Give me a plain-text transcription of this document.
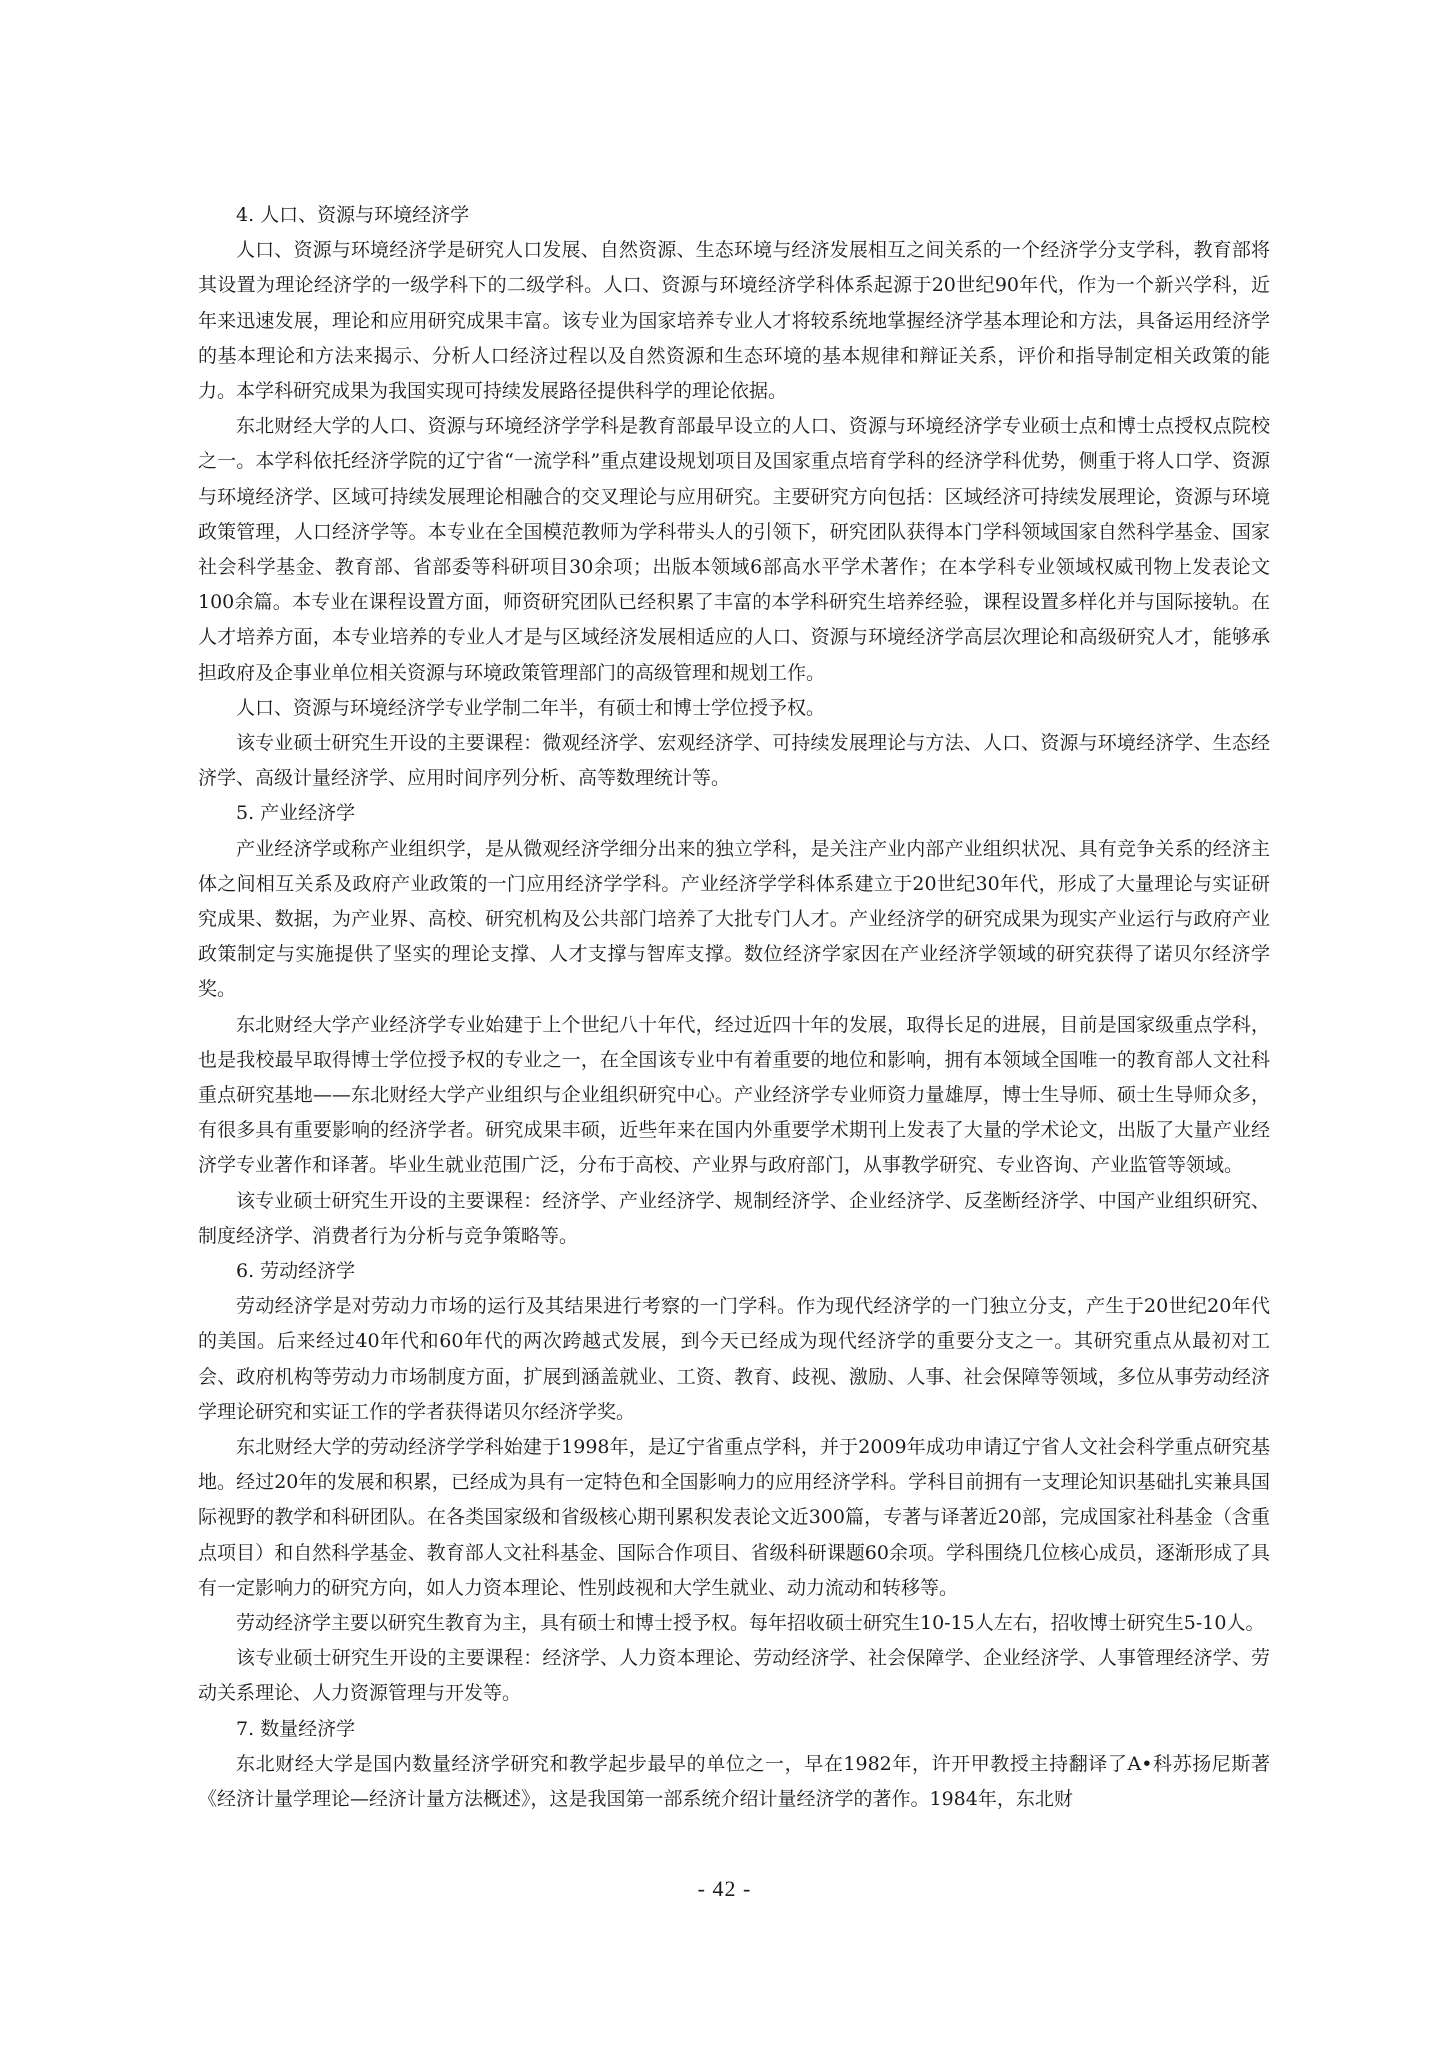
4. 人口、资源与环境经济学

人口、资源与环境经济学是研究人口发展、自然资源、生态环境与经济发展相互之间关系的一个经济学分支学科，教育部将其设置为理论经济学的一级学科下的二级学科。人口、资源与环境经济学科体系起源于20世纪90年代，作为一个新兴学科，近年来迅速发展，理论和应用研究成果丰富。该专业为国家培养专业人才将较系统地掌握经济学基本理论和方法，具备运用经济学的基本理论和方法来揭示、分析人口经济过程以及自然资源和生态环境的基本规律和辩证关系，评价和指导制定相关政策的能力。本学科研究成果为我国实现可持续发展路径提供科学的理论依据。

东北财经大学的人口、资源与环境经济学学科是教育部最早设立的人口、资源与环境经济学专业硕士点和博士点授权点院校之一。本学科依托经济学院的辽宁省“一流学科”重点建设规划项目及国家重点培育学科的经济学科优势，侧重于将人口学、资源与环境经济学、区域可持续发展理论相融合的交叉理论与应用研究。主要研究方向包括：区域经济可持续发展理论，资源与环境政策管理，人口经济学等。本专业在全国模范教师为学科带头人的引领下，研究团队获得本门学科领域国家自然科学基金、国家社会科学基金、教育部、省部委等科研项目30余项；出版本领域6部高水平学术著作；在本学科专业领域权威刊物上发表论文100余篇。本专业在课程设置方面，师资研究团队已经积累了丰富的本学科研究生培养经验，课程设置多样化并与国际接轨。在人才培养方面，本专业培养的专业人才是与区域经济发展相适应的人口、资源与环境经济学高层次理论和高级研究人才，能够承担政府及企事业单位相关资源与环境政策管理部门的高级管理和规划工作。

人口、资源与环境经济学专业学制二年半，有硕士和博士学位授予权。

该专业硕士研究生开设的主要课程：微观经济学、宏观经济学、可持续发展理论与方法、人口、资源与环境经济学、生态经济学、高级计量经济学、应用时间序列分析、高等数理统计等。

5. 产业经济学

产业经济学或称产业组织学，是从微观经济学细分出来的独立学科，是关注产业内部产业组织状况、具有竞争关系的经济主体之间相互关系及政府产业政策的一门应用经济学学科。产业经济学学科体系建立于20世纪30年代，形成了大量理论与实证研究成果、数据，为产业界、高校、研究机构及公共部门培养了大批专门人才。产业经济学的研究成果为现实产业运行与政府产业政策制定与实施提供了坚实的理论支撑、人才支撑与智库支撑。数位经济学家因在产业经济学领域的研究获得了诺贝尔经济学奖。

东北财经大学产业经济学专业始建于上个世纪八十年代，经过近四十年的发展，取得长足的进展，目前是国家级重点学科，也是我校最早取得博士学位授予权的专业之一，在全国该专业中有着重要的地位和影响，拥有本领域全国唯一的教育部人文社科重点研究基地——东北财经大学产业组织与企业组织研究中心。产业经济学专业师资力量雄厚，博士生导师、硕士生导师众多，有很多具有重要影响的经济学者。研究成果丰硕，近些年来在国内外重要学术期刊上发表了大量的学术论文，出版了大量产业经济学专业著作和译著。毕业生就业范围广泛，分布于高校、产业界与政府部门，从事教学研究、专业咨询、产业监管等领域。

该专业硕士研究生开设的主要课程：经济学、产业经济学、规制经济学、企业经济学、反垄断经济学、中国产业组织研究、制度经济学、消费者行为分析与竞争策略等。

6. 劳动经济学

劳动经济学是对劳动力市场的运行及其结果进行考察的一门学科。作为现代经济学的一门独立分支，产生于20世纪20年代的美国。后来经过40年代和60年代的两次跨越式发展，到今天已经成为现代经济学的重要分支之一。其研究重点从最初对工会、政府机构等劳动力市场制度方面，扩展到涵盖就业、工资、教育、歧视、激励、人事、社会保障等领域，多位从事劳动经济学理论研究和实证工作的学者获得诺贝尔经济学奖。

东北财经大学的劳动经济学学科始建于1998年，是辽宁省重点学科，并于2009年成功申请辽宁省人文社会科学重点研究基地。经过20年的发展和积累，已经成为具有一定特色和全国影响力的应用经济学科。学科目前拥有一支理论知识基础扎实兼具国际视野的教学和科研团队。在各类国家级和省级核心期刊累积发表论文近300篇，专著与译著近20部，完成国家社科基金（含重点项目）和自然科学基金、教育部人文社科基金、国际合作项目、省级科研课题60余项。学科围绕几位核心成员，逐渐形成了具有一定影响力的研究方向，如人力资本理论、性别歧视和大学生就业、动力流动和转移等。

劳动经济学主要以研究生教育为主，具有硕士和博士授予权。每年招收硕士研究生10-15人左右，招收博士研究生5-10人。

该专业硕士研究生开设的主要课程：经济学、人力资本理论、劳动经济学、社会保障学、企业经济学、人事管理经济学、劳动关系理论、人力资源管理与开发等。

7. 数量经济学

东北财经大学是国内数量经济学研究和教学起步最早的单位之一，早在1982年，许开甲教授主持翻译了A•科苏扬尼斯著《经济计量学理论—经济计量方法概述》，这是我国第一部系统介绍计量经济学的著作。1984年，东北财

- 42 -
